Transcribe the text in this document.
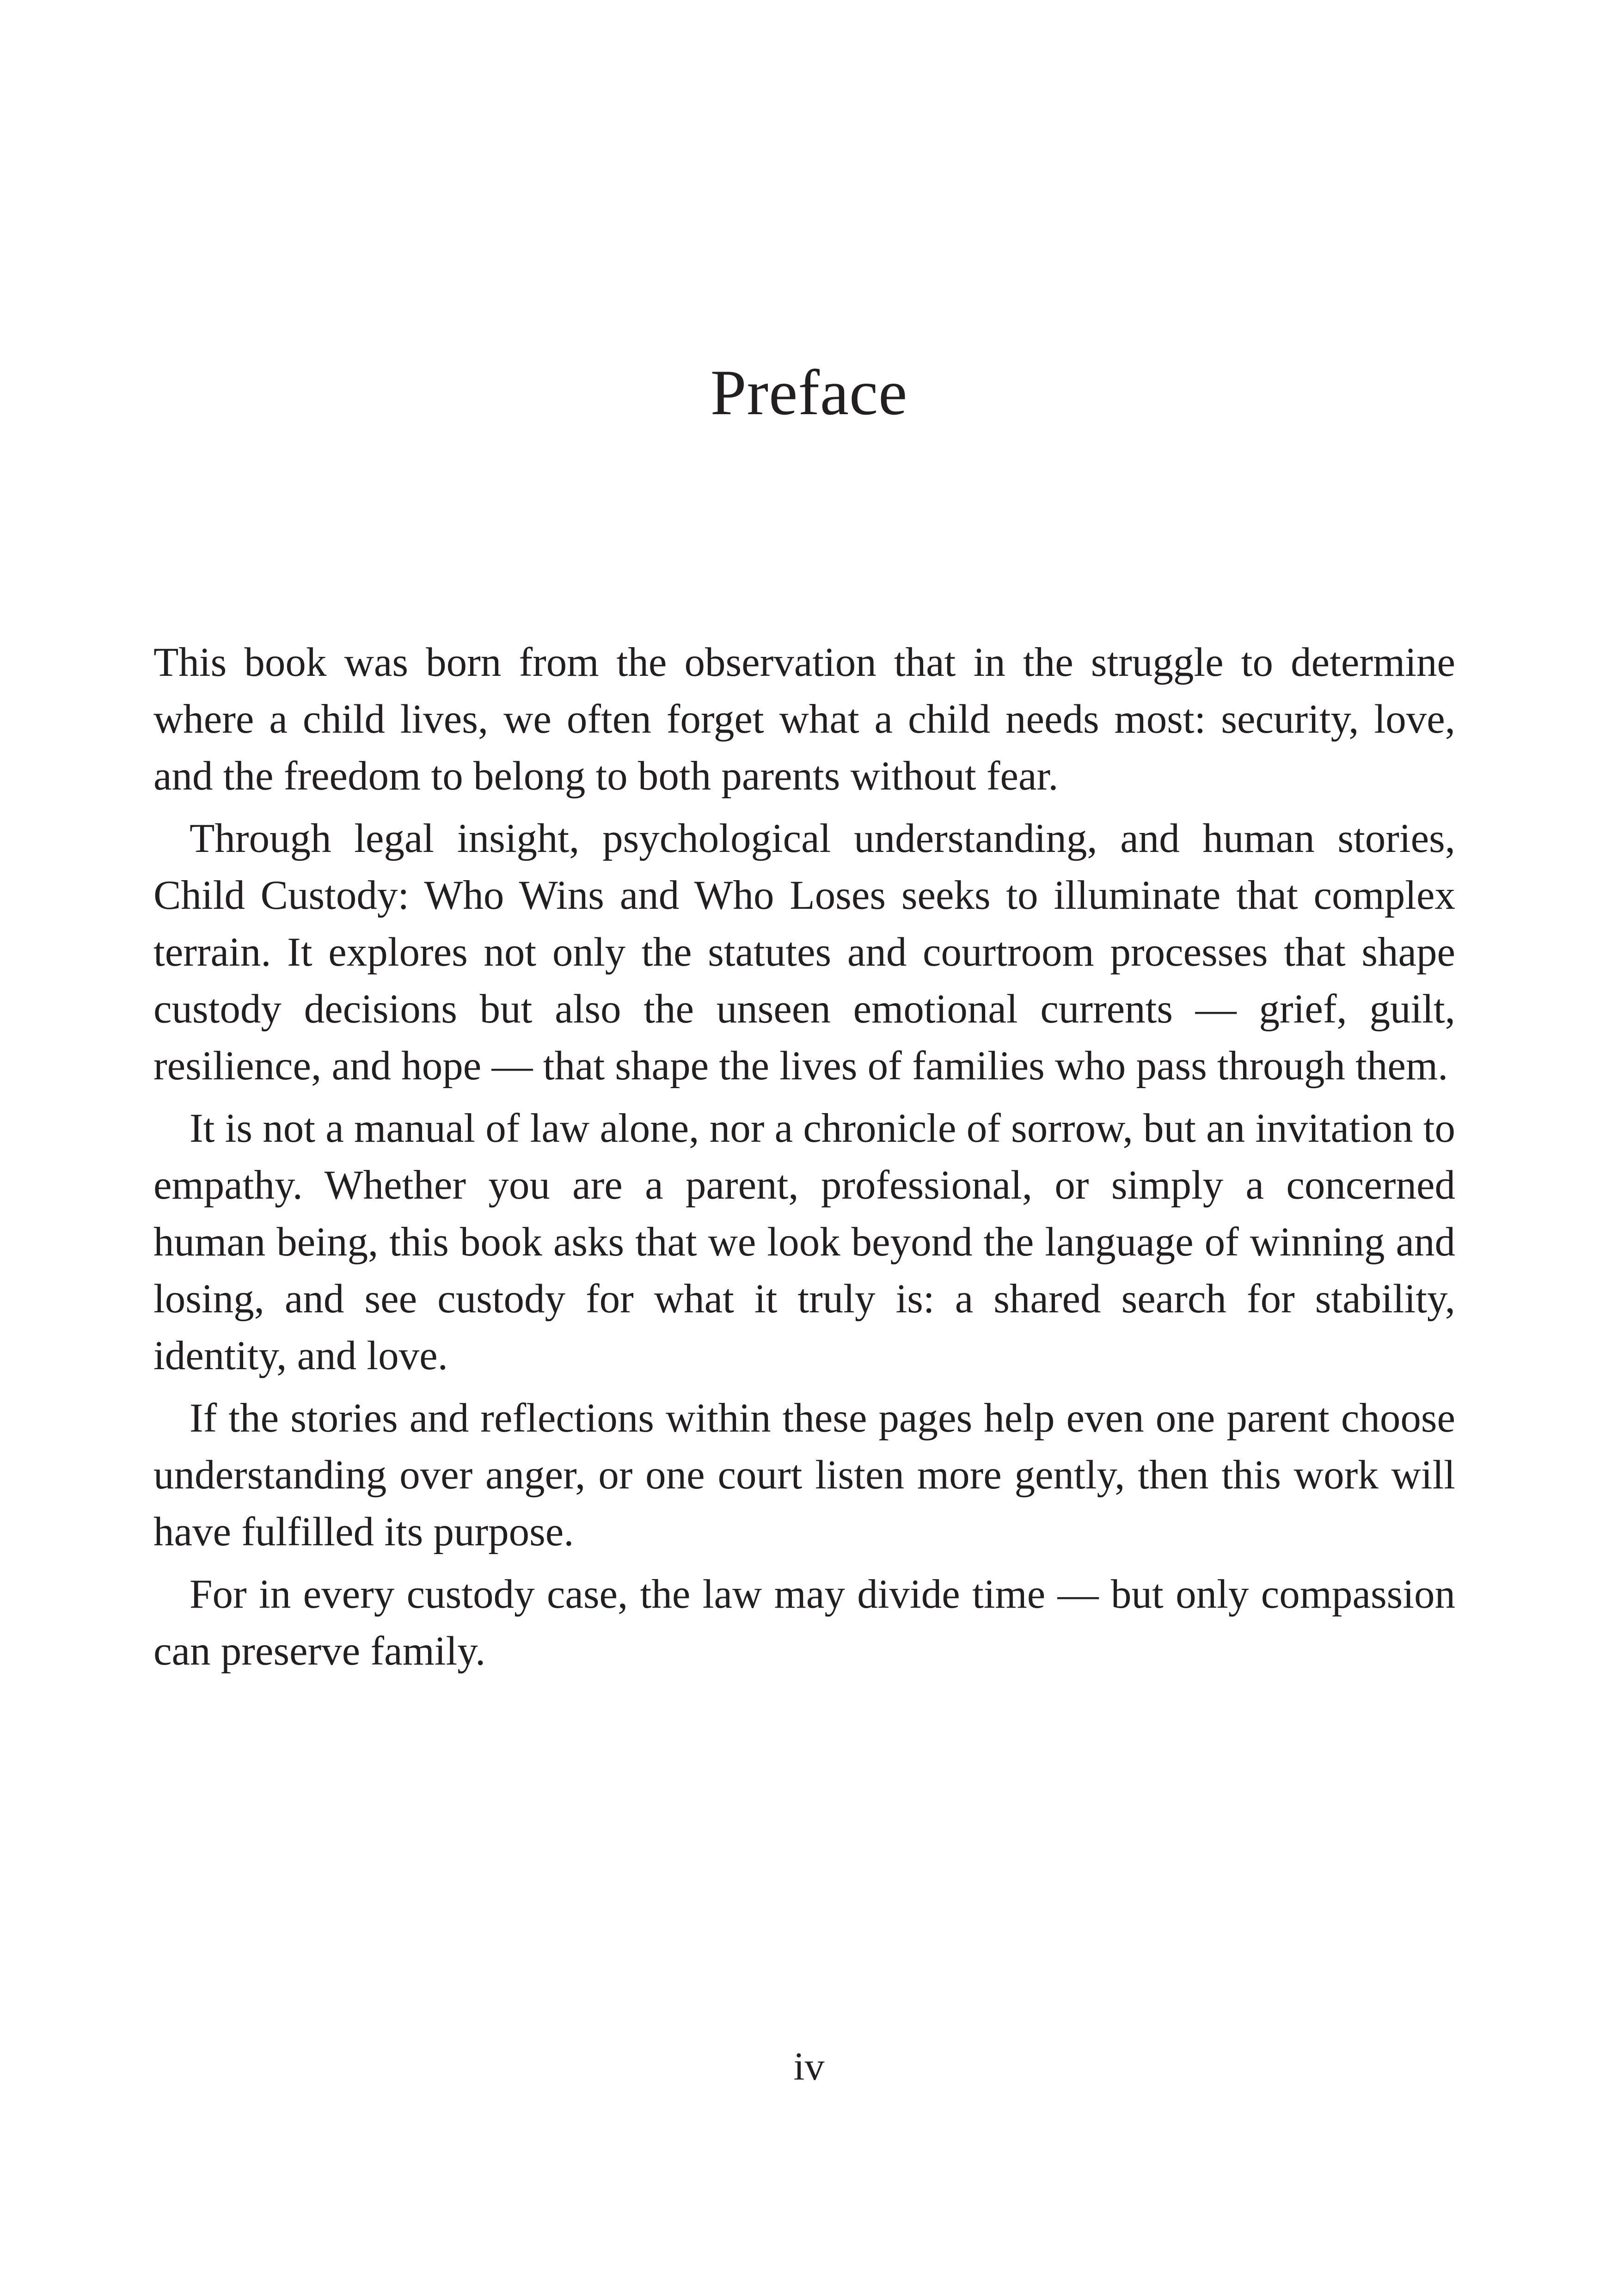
Preface

This book was born from the observation that in the struggle to determine where a child lives, we often forget what a child needs most: security, love, and the freedom to belong to both parents without fear.

Through legal insight, psychological understanding, and human stories, Child Custody: Who Wins and Who Loses seeks to illuminate that complex terrain. It explores not only the statutes and courtroom processes that shape custody decisions but also the unseen emotional currents — grief, guilt, resilience, and hope — that shape the lives of families who pass through them.

It is not a manual of law alone, nor a chronicle of sorrow, but an invitation to empathy. Whether you are a parent, professional, or simply a concerned human being, this book asks that we look beyond the language of winning and losing, and see custody for what it truly is: a shared search for stability, identity, and love.

If the stories and reflections within these pages help even one parent choose understanding over anger, or one court listen more gently, then this work will have fulfilled its purpose.

For in every custody case, the law may divide time — but only compassion can preserve family.

iv
